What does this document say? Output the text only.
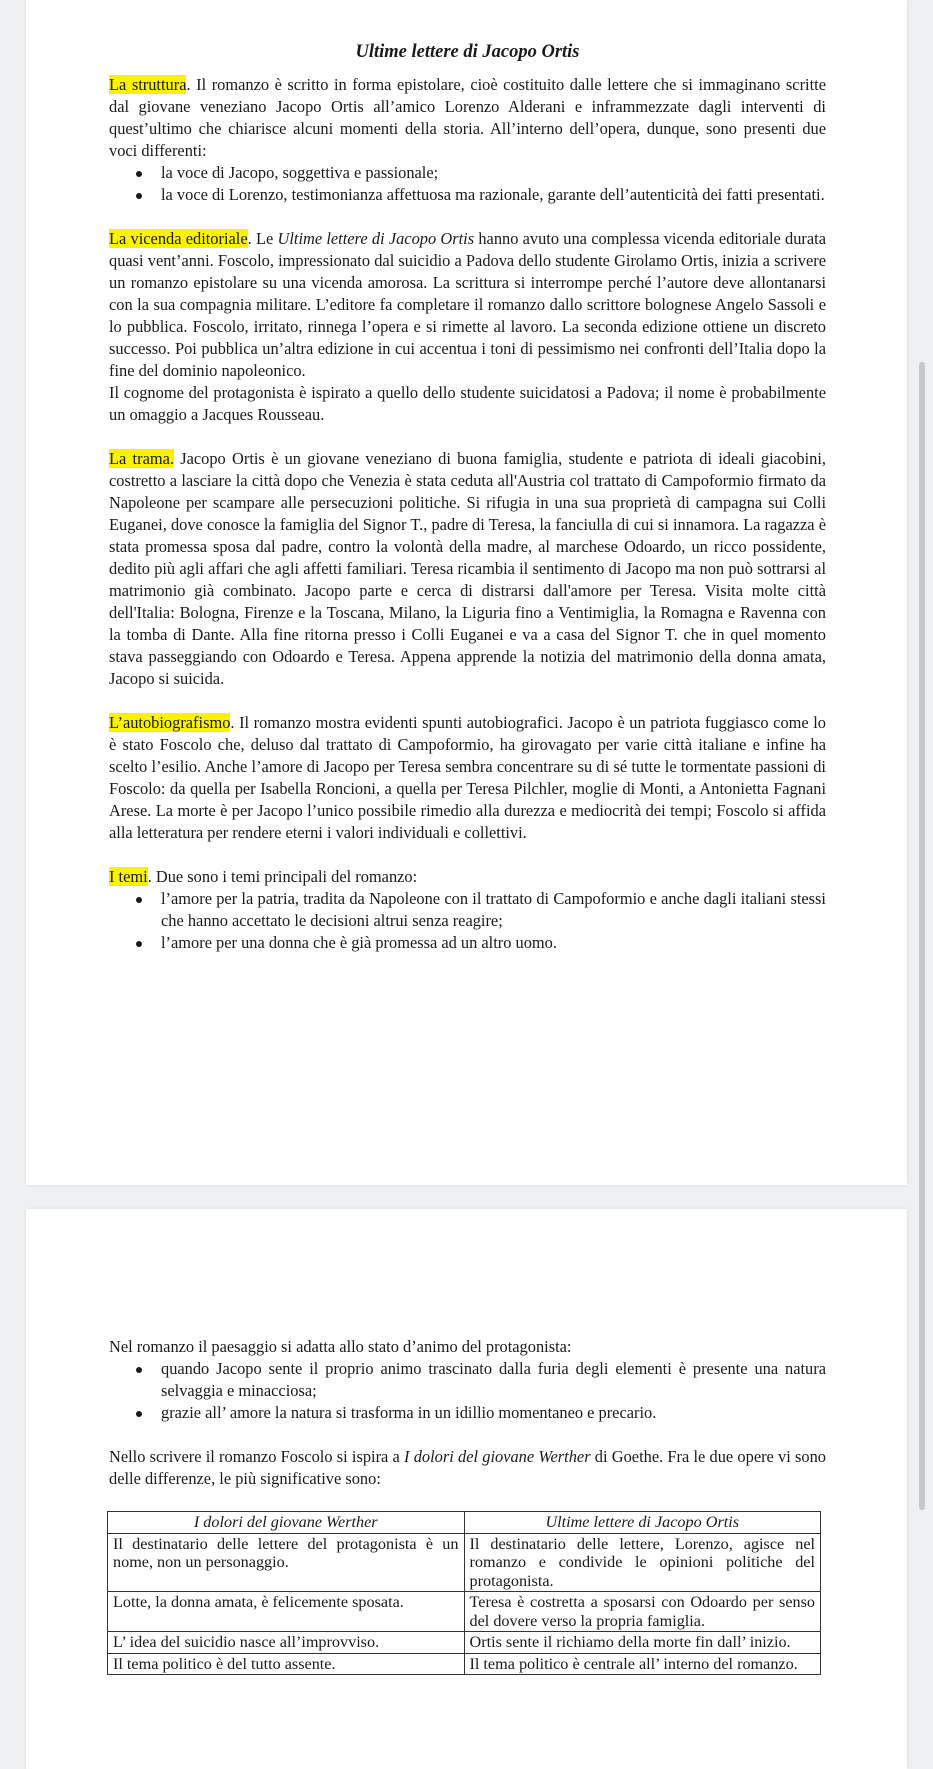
Ultime lettere di Jacopo Ortis

La struttura. Il romanzo è scritto in forma epistolare, cioè costituito dalle lettere che si immaginano scritte dal giovane veneziano Jacopo Ortis all’amico Lorenzo Alderani e inframmezzate dagli interventi di quest’ultimo che chiarisce alcuni momenti della storia. All’interno dell’opera, dunque, sono presenti due voci differenti:

la voce di Jacopo, soggettiva e passionale;
la voce di Lorenzo, testimonianza affettuosa ma razionale, garante dell’autenticità dei fatti presentati.

La vicenda editoriale. Le Ultime lettere di Jacopo Ortis hanno avuto una complessa vicenda editoriale durata quasi vent’anni. Foscolo, impressionato dal suicidio a Padova dello studente Girolamo Ortis, inizia a scrivere un romanzo epistolare su una vicenda amorosa. La scrittura si interrompe perché l’autore deve allontanarsi con la sua compagnia militare. L’editore fa completare il romanzo dallo scrittore bolognese Angelo Sassoli e lo pubblica. Foscolo, irritato, rinnega l’opera e si rimette al lavoro. La seconda edizione ottiene un discreto successo. Poi pubblica un’altra edizione in cui accentua i toni di pessimismo nei confronti dell’Italia dopo la fine del dominio napoleonico.

Il cognome del protagonista è ispirato a quello dello studente suicidatosi a Padova; il nome è probabilmente un omaggio a Jacques Rousseau.

La trama. Jacopo Ortis è un giovane veneziano di buona famiglia, studente e patriota di ideali giacobini, costretto a lasciare la città dopo che Venezia è stata ceduta all'Austria col trattato di Campoformio firmato da Napoleone per scampare alle persecuzioni politiche. Si rifugia in una sua proprietà di campagna sui Colli Euganei, dove conosce la famiglia del Signor T., padre di Teresa, la fanciulla di cui si innamora. La ragazza è stata promessa sposa dal padre, contro la volontà della madre, al marchese Odoardo, un ricco possidente, dedito più agli affari che agli affetti familiari. Teresa ricambia il sentimento di Jacopo ma non può sottrarsi al matrimonio già combinato. Jacopo parte e cerca di distrarsi dall'amore per Teresa. Visita molte città dell'Italia: Bologna, Firenze e la Toscana, Milano, la Liguria fino a Ventimiglia, la Romagna e Ravenna con la tomba di Dante. Alla fine ritorna presso i Colli Euganei e va a casa del Signor T. che in quel momento stava passeggiando con Odoardo e Teresa. Appena apprende la notizia del matrimonio della donna amata, Jacopo si suicida.

L’autobiografismo. Il romanzo mostra evidenti spunti autobiografici. Jacopo è un patriota fuggiasco come lo è stato Foscolo che, deluso dal trattato di Campoformio, ha girovagato per varie città italiane e infine ha scelto l’esilio. Anche l’amore di Jacopo per Teresa sembra concentrare su di sé tutte le tormentate passioni di Foscolo: da quella per Isabella Roncioni, a quella per Teresa Pilchler, moglie di Monti, a Antonietta Fagnani Arese. La morte è per Jacopo l’unico possibile rimedio alla durezza e mediocrità dei tempi; Foscolo si affida alla letteratura per rendere eterni i valori individuali e collettivi.

I temi. Due sono i temi principali del romanzo:

l’amore per la patria, tradita da Napoleone con il trattato di Campoformio e anche dagli italiani stessi che hanno accettato le decisioni altrui senza reagire;
l’amore per una donna che è già promessa ad un altro uomo.

Nel romanzo il paesaggio si adatta allo stato d’animo del protagonista:

quando Jacopo sente il proprio animo trascinato dalla furia degli elementi è presente una natura selvaggia e minacciosa;
grazie all’ amore la natura si trasforma in un idillio momentaneo e precario.

Nello scrivere il romanzo Foscolo si ispira a I dolori del giovane Werther di Goethe. Fra le due opere vi sono delle differenze, le più significative sono:

I dolori del giovane Werther	Ultime lettere di Jacopo Ortis
Il destinatario delle lettere del protagonista è un nome, non un personaggio.	Il destinatario delle lettere, Lorenzo, agisce nel romanzo e condivide le opinioni politiche del protagonista.
Lotte, la donna amata, è felicemente sposata.	Teresa è costretta a sposarsi con Odoardo per senso del dovere verso la propria famiglia.
L’ idea del suicidio nasce all’improvviso.	Ortis sente il richiamo della morte fin dall’ inizio.
Il tema politico è del tutto assente.	Il tema politico è centrale all’ interno del romanzo.
